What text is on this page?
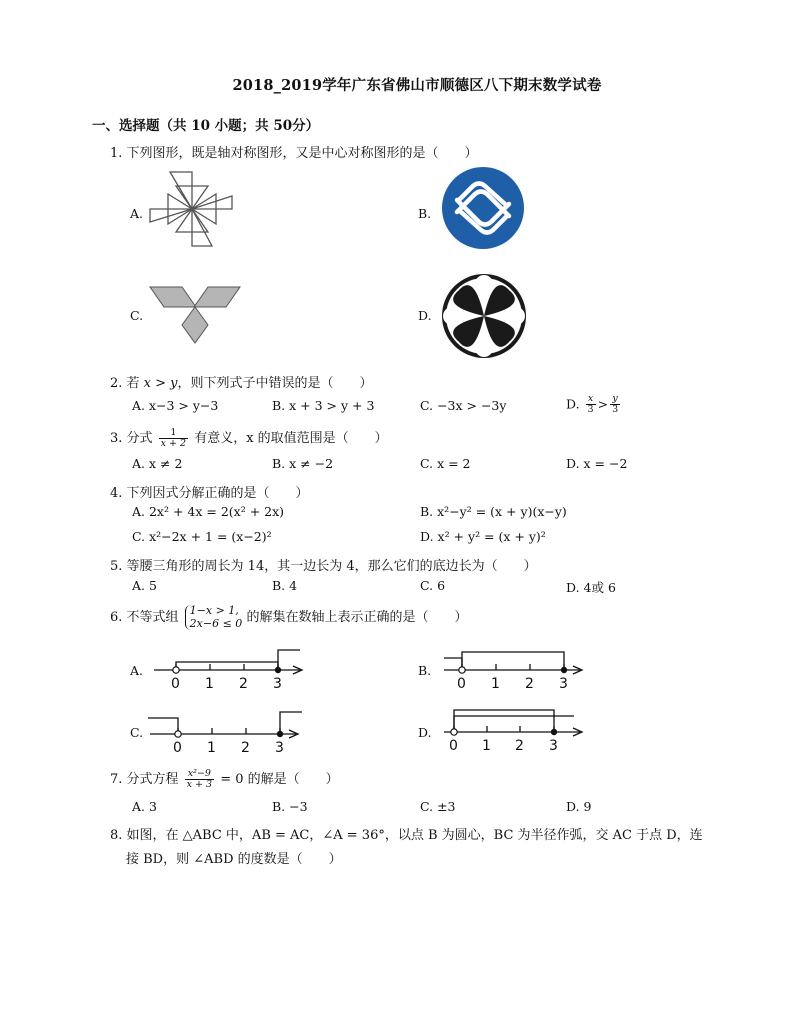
2018_2019学年广东省佛山市顺德区八下期末数学试卷
一、选择题（共 10 小题；共 50分）
1. 下列图形，既是轴对称图形，又是中心对称图形的是（　　）
A.	B.
C.	D.
2. 若 x > y，则下列式子中错误的是（　　）
A. x−3 > y−3	B. x + 3 > y + 3	C. −3x > −3y	D. $\frac{x}{3} > \frac{y}{3}$
3. 分式 $\frac{1}{x + 2}$ 有意义，x 的取值范围是（　　）
A. x ≠ 2	B. x ≠ −2	C. x = 2	D. x = −2
4. 下列因式分解正确的是（　　）
A. 2x² + 4x = 2(x² + 2x)	B. x²−y² = (x + y)(x−y)
C. x²−2x + 1 = (x−2)²	D. x² + y² = (x + y)²
5. 等腰三角形的周长为 14，其一边长为 4，那么它们的底边长为（　　）
A. 5	B. 4	C. 6	D. 4或 6
6. 不等式组 1−x > 1,
2x−6 ≤ 0 的解集在数轴上表示正确的是（　　）
A.	B.
C.	D.
0 1 2 3	0 1 2 3
0 1 2 3	0 1 2 3
7. 分式方程 $\frac{\text{x²−9}}{x + 3} = 0$ 的解是（　　）
A. 3	B. −3	C. ±3	D. 9
8. 如图，在 △ABC 中，AB = AC，∠A = 36°，以点 B 为圆心，BC 为半径作弧，交 AC 于点 D，连
接 BD，则 ∠ABD 的度数是（　　）
